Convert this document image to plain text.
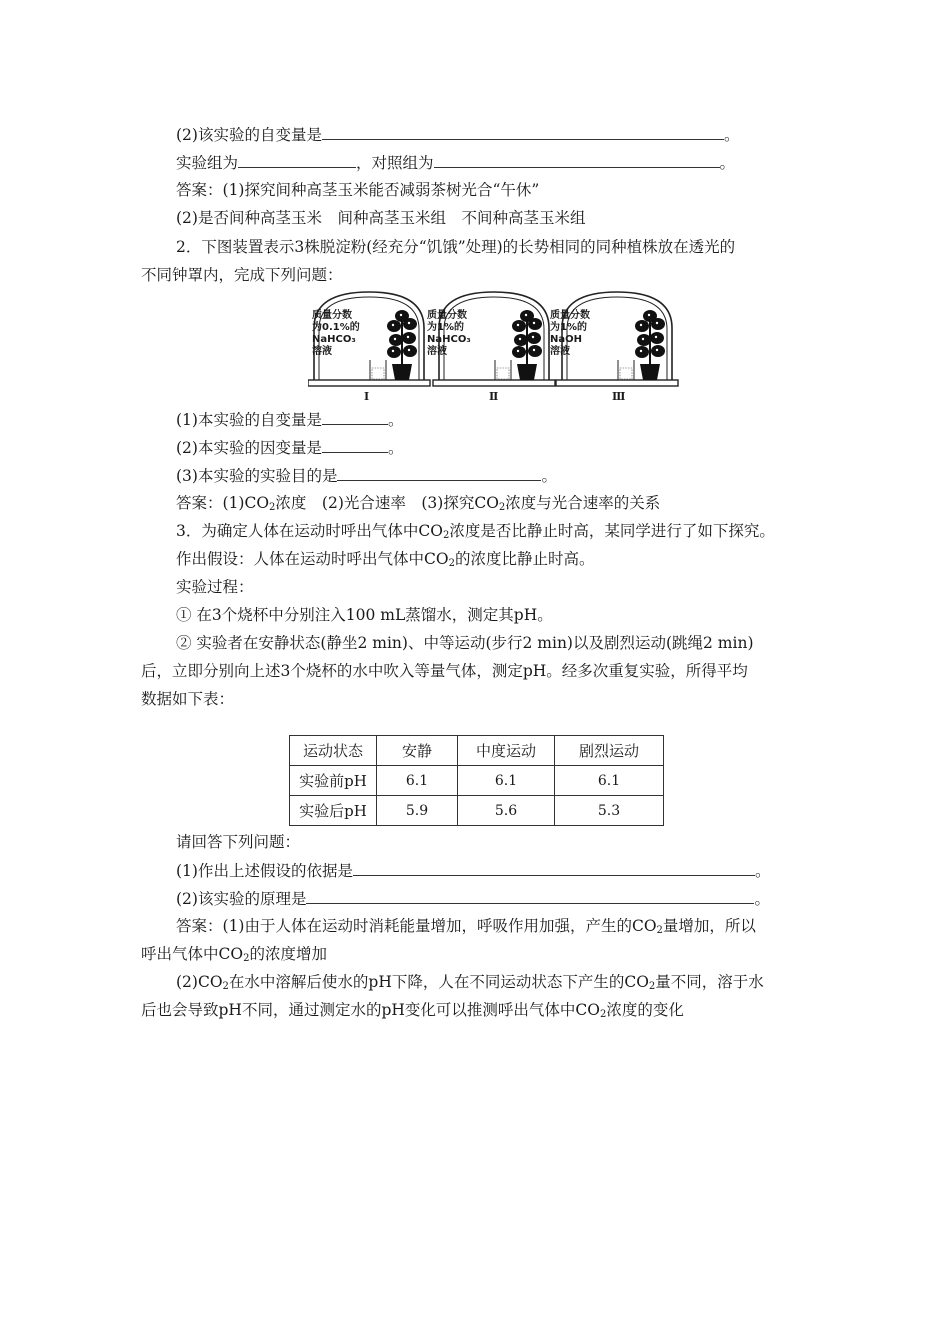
(2)该实验的自变量是	。
实验组为	，对照组为	。
答案：(1)探究间种高茎玉米能否减弱茶树光合“午休”
(2)是否间种高茎玉米　间种高茎玉米组　不间种高茎玉米组
2．下图装置表示3株脱淀粉(经充分“饥饿”处理)的长势相同的同种植株放在透光的
不同钟罩内，完成下列问题：
质量分数
为0.1%的
NaHCO₃
溶液
Ⅰ
质量分数
为1%的
NaHCO₃
溶液
Ⅱ
质量分数
为1%的
NaOH
溶液
Ⅲ
(1)本实验的自变量是	。
(2)本实验的因变量是	。
(3)本实验的实验目的是	。
答案：$(1)CO_2$浓度　(2)光合速率　(3)探究$CO_2$浓度与光合速率的关系
3．为确定人体在运动时呼出气体中$CO_2$浓度是否比静止时高，某同学进行了如下探究。
作出假设：人体在运动时呼出气体中$CO_2$的浓度比静止时高。
实验过程：
① 在3个烧杯中分别注入100 mL蒸馏水，测定其pH。
② 实验者在安静状态(静坐2 min)、中等运动(步行2 min)以及剧烈运动(跳绳2 min)
后，立即分别向上述3个烧杯的水中吹入等量气体，测定pH。经多次重复实验，所得平均
数据如下表：
运动状态	安静	中度运动	剧烈运动
实验前pH	6.1	6.1	6.1
实验后pH	5.9	5.6	5.3
请回答下列问题：
(1)作出上述假设的依据是	。
(2)该实验的原理是	。
答案：(1)由于人体在运动时消耗能量增加，呼吸作用加强，产生的$CO_2$量增加，所以
呼出气体中$CO_2$的浓度增加
$(2)CO_2$在水中溶解后使水的pH下降，人在不同运动状态下产生的$CO_2$量不同，溶于水
后也会导致pH不同，通过测定水的pH变化可以推测呼出气体中$CO_2$浓度的变化
